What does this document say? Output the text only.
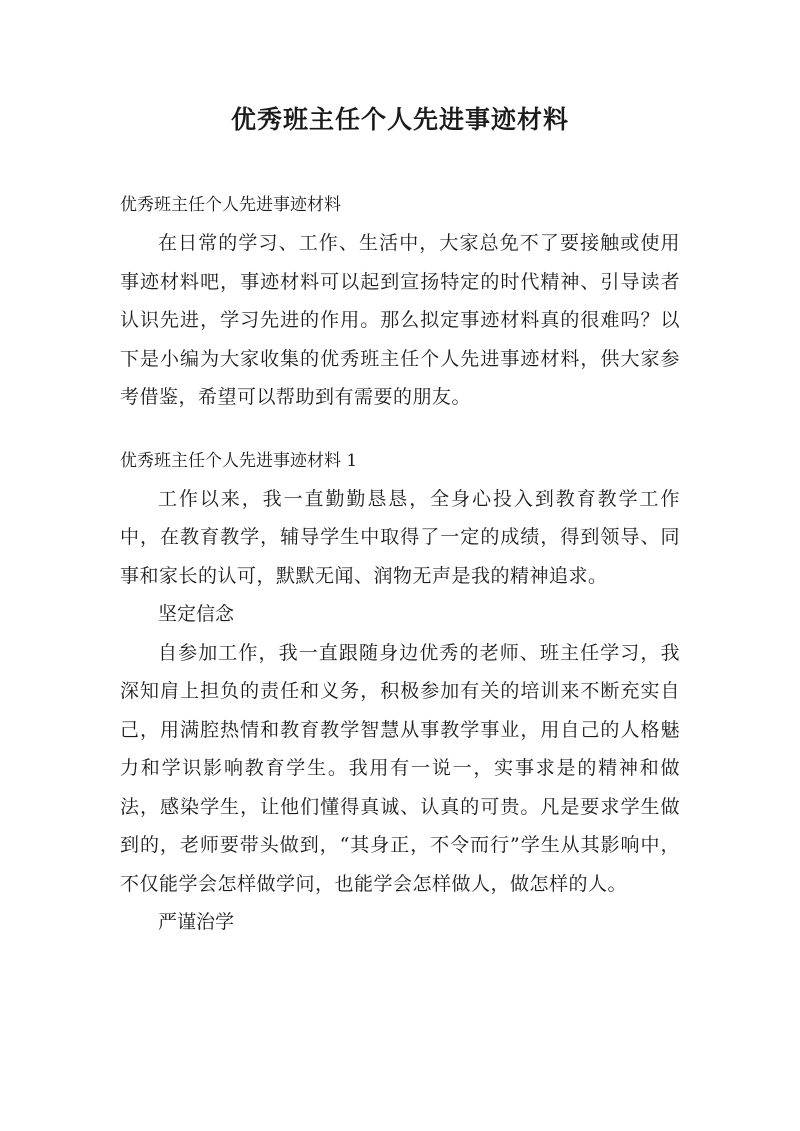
优秀班主任个人先进事迹材料
优秀班主任个人先进事迹材料

在日常的学习、工作、生活中，大家总免不了要接触或使用事迹材料吧，事迹材料可以起到宣扬特定的时代精神、引导读者认识先进，学习先进的作用。那么拟定事迹材料真的很难吗？以下是小编为大家收集的优秀班主任个人先进事迹材料，供大家参考借鉴，希望可以帮助到有需要的朋友。

优秀班主任个人先进事迹材料 1

工作以来，我一直勤勤恳恳，全身心投入到教育教学工作中，在教育教学，辅导学生中取得了一定的成绩，得到领导、同事和家长的认可，默默无闻、润物无声是我的精神追求。

坚定信念

自参加工作，我一直跟随身边优秀的老师、班主任学习，我深知肩上担负的责任和义务，积极参加有关的培训来不断充实自己，用满腔热情和教育教学智慧从事教学事业，用自己的人格魅力和学识影响教育学生。我用有一说一，实事求是的精神和做法，感染学生，让他们懂得真诚、认真的可贵。凡是要求学生做到的，老师要带头做到，“其身正，不令而行”学生从其影响中，不仅能学会怎样做学问，也能学会怎样做人，做怎样的人。

严谨治学
